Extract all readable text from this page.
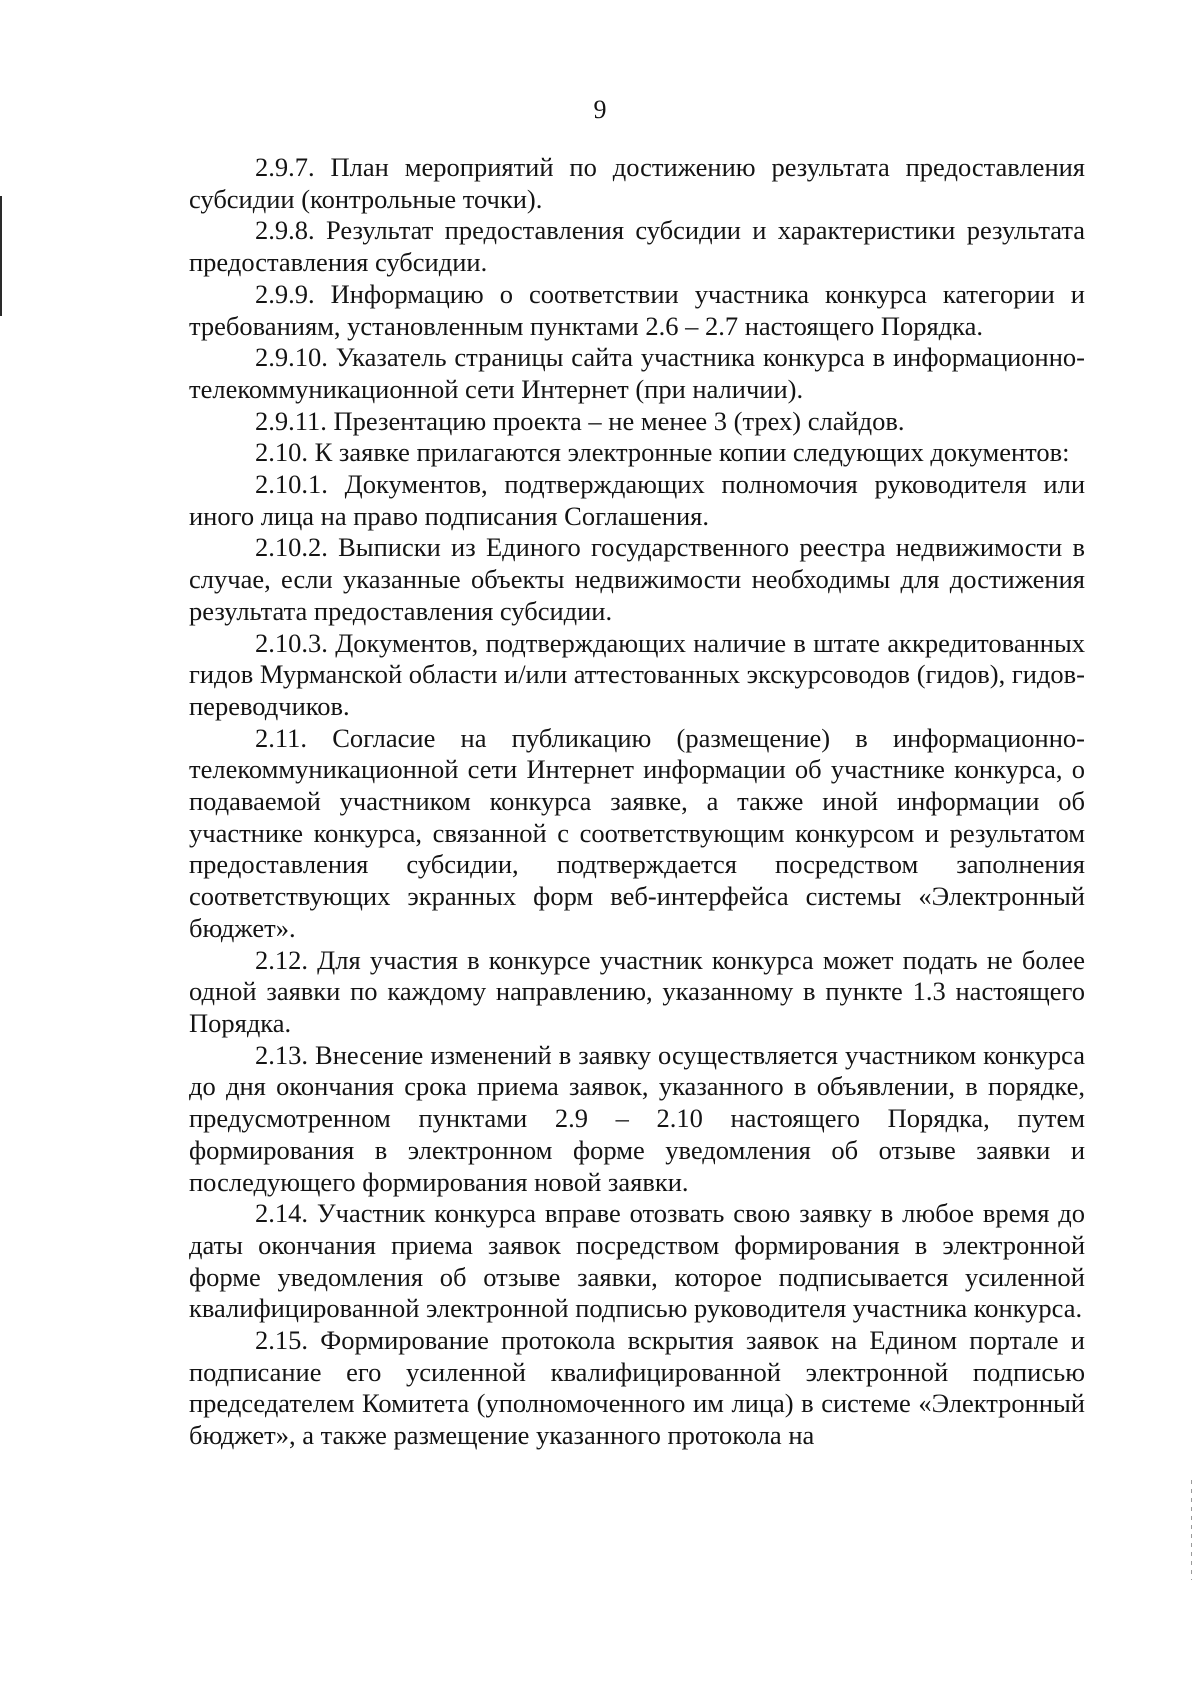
9

2.9.7. План мероприятий по достижению результата предоставления субсидии (контрольные точки).

2.9.8. Результат предоставления субсидии и характеристики результата предоставления субсидии.

2.9.9. Информацию о соответствии участника конкурса категории и требованиям, установленным пунктами 2.6 – 2.7 настоящего Порядка.

2.9.10. Указатель страницы сайта участника конкурса в информационно-телекоммуникационной сети Интернет (при наличии).

2.9.11. Презентацию проекта – не менее 3 (трех) слайдов.

2.10. К заявке прилагаются электронные копии следующих документов:

2.10.1. Документов, подтверждающих полномочия руководителя или иного лица на право подписания Соглашения.

2.10.2. Выписки из Единого государственного реестра недвижимости в случае, если указанные объекты недвижимости необходимы для достижения результата предоставления субсидии.

2.10.3. Документов, подтверждающих наличие в штате аккредитованных гидов Мурманской области и/или аттестованных экскурсоводов (гидов), гидов-переводчиков.

2.11. Согласие на публикацию (размещение) в информационно-телекоммуникационной сети Интернет информации об участнике конкурса, о подаваемой участником конкурса заявке, а также иной информации об участнике конкурса, связанной с соответствующим конкурсом и результатом предоставления субсидии, подтверждается посредством заполнения соответствующих экранных форм веб-интерфейса системы «Электронный бюджет».

2.12. Для участия в конкурсе участник конкурса может подать не более одной заявки по каждому направлению, указанному в пункте 1.3 настоящего Порядка.

2.13. Внесение изменений в заявку осуществляется участником конкурса до дня окончания срока приема заявок, указанного в объявлении, в порядке, предусмотренном пунктами 2.9 – 2.10 настоящего Порядка, путем формирования в электронном форме уведомления об отзыве заявки и последующего формирования новой заявки.

2.14. Участник конкурса вправе отозвать свою заявку в любое время до даты окончания приема заявок посредством формирования в электронной форме уведомления об отзыве заявки, которое подписывается усиленной квалифицированной электронной подписью руководителя участника конкурса.

2.15. Формирование протокола вскрытия заявок на Едином портале и подписание его усиленной квалифицированной электронной подписью председателем Комитета (уполномоченного им лица) в системе «Электронный бюджет», а также размещение указанного протокола на
